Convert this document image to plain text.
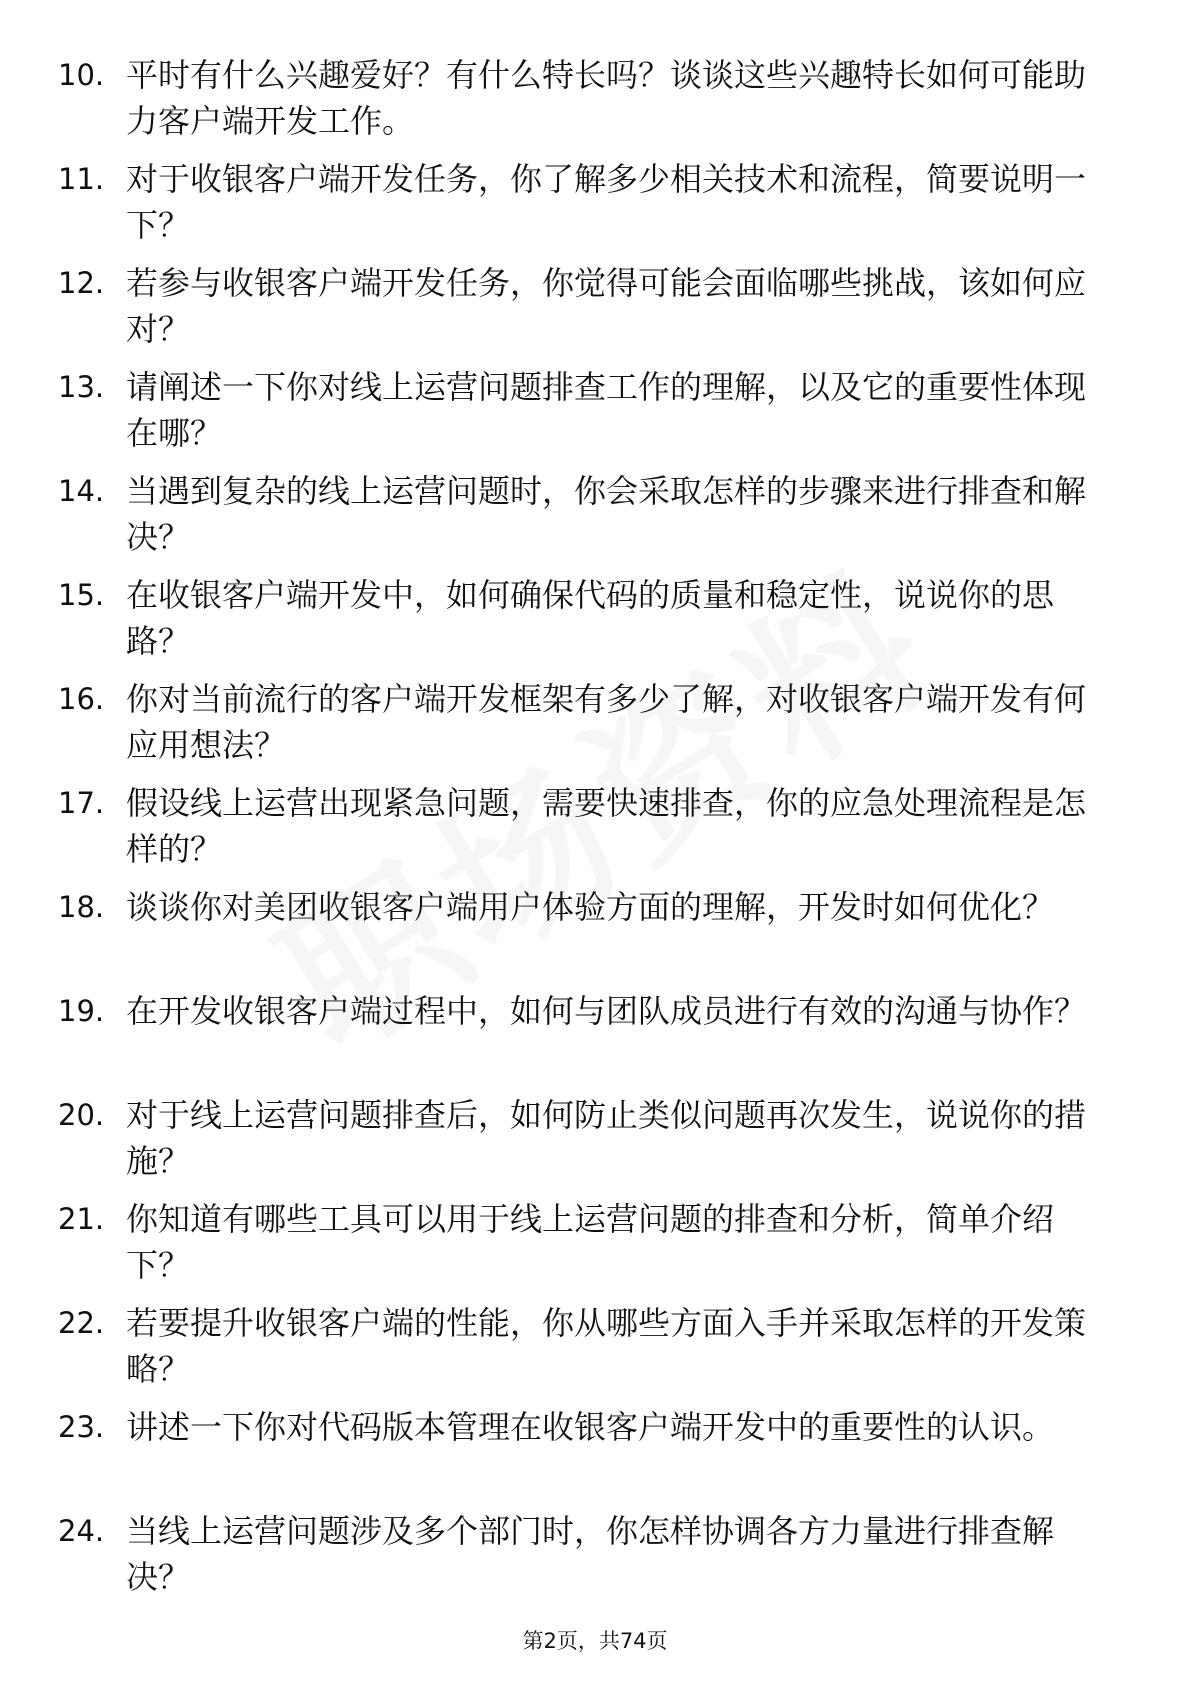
10. 平时有什么兴趣爱好？有什么特长吗？谈谈这些兴趣特长如何可能助力客户端开发工作。
11. 对于收银客户端开发任务，你了解多少相关技术和流程，简要说明一下？
12. 若参与收银客户端开发任务，你觉得可能会面临哪些挑战，该如何应对？
13. 请阐述一下你对线上运营问题排查工作的理解，以及它的重要性体现在哪？
14. 当遇到复杂的线上运营问题时，你会采取怎样的步骤来进行排查和解决？
15. 在收银客户端开发中，如何确保代码的质量和稳定性，说说你的思路？
16. 你对当前流行的客户端开发框架有多少了解，对收银客户端开发有何应用想法？
17. 假设线上运营出现紧急问题，需要快速排查，你的应急处理流程是怎样的？
18. 谈谈你对美团收银客户端用户体验方面的理解，开发时如何优化？
19. 在开发收银客户端过程中，如何与团队成员进行有效的沟通与协作？
20. 对于线上运营问题排查后，如何防止类似问题再次发生，说说你的措施？
21. 你知道有哪些工具可以用于线上运营问题的排查和分析，简单介绍下？
22. 若要提升收银客户端的性能，你从哪些方面入手并采取怎样的开发策略？
23. 讲述一下你对代码版本管理在收银客户端开发中的重要性的认识。
24. 当线上运营问题涉及多个部门时，你怎样协调各方力量进行排查解决？
第2页，共74页
